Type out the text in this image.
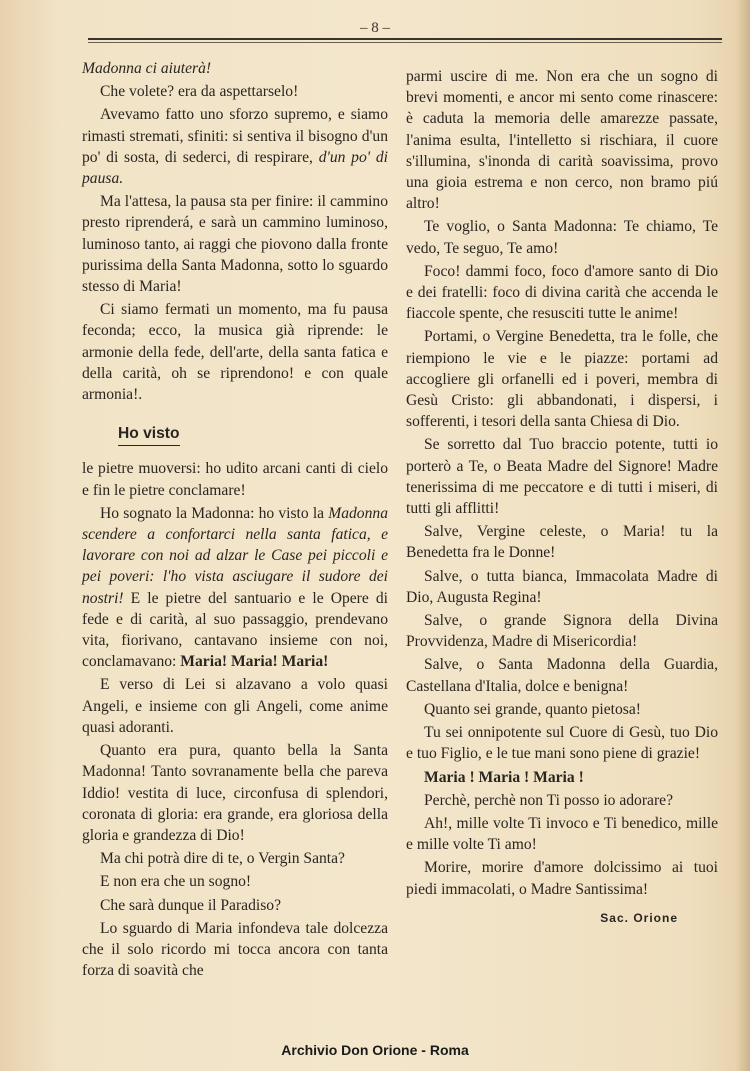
– 8 –

Madonna ci aiuterà!

Che volete? era da aspettarselo!

Avevamo fatto uno sforzo supremo, e siamo rimasti stremati, sfiniti: si sentiva il bisogno d'un po' di sosta, di sederci, di respirare, d'un po' di pausa.

Ma l'attesa, la pausa sta per finire: il cammino presto riprenderá, e sarà un cammino luminoso, luminoso tanto, ai raggi che piovono dalla fronte purissima della Santa Madonna, sotto lo sguardo stesso di Maria!

Ci siamo fermati un momento, ma fu pausa feconda; ecco, la musica già riprende: le armonie della fede, dell'arte, della santa fatica e della carità, oh se riprendono! e con quale armonia!.

Ho visto

le pietre muoversi: ho udito arcani canti di cielo e fin le pietre conclamare!

Ho sognato la Madonna: ho visto la Madonna scendere a confortarci nella santa fatica, e lavorare con noi ad alzar le Case pei piccoli e pei poveri: l'ho vista asciugare il sudore dei nostri! E le pietre del santuario e le Opere di fede e di carità, al suo passaggio, prendevano vita, fiorivano, cantavano insieme con noi, conclamavano: Maria! Maria! Maria!

E verso di Lei si alzavano a volo quasi Angeli, e insieme con gli Angeli, come anime quasi adoranti.

Quanto era pura, quanto bella la Santa Madonna! Tanto sovranamente bella che pareva Iddio! vestita di luce, circonfusa di splendori, coronata di gloria: era grande, era gloriosa della gloria e grandezza di Dio!

Ma chi potrà dire di te, o Vergin Santa?

E non era che un sogno!

Che sarà dunque il Paradiso?

Lo sguardo di Maria infondeva tale dolcezza che il solo ricordo mi tocca ancora con tanta forza di soavità che

parmi uscire di me. Non era che un sogno di brevi momenti, e ancor mi sento come rinascere: è caduta la memoria delle amarezze passate, l'anima esulta, l'intelletto si rischiara, il cuore s'illumina, s'inonda di carità soavissima, provo una gioia estrema e non cerco, non bramo piú altro!

Te voglio, o Santa Madonna: Te chiamo, Te vedo, Te seguo, Te amo!

Foco! dammi foco, foco d'amore santo di Dio e dei fratelli: foco di divina carità che accenda le fiaccole spente, che resusciti tutte le anime!

Portami, o Vergine Benedetta, tra le folle, che riempiono le vie e le piazze: portami ad accogliere gli orfanelli ed i poveri, membra di Gesù Cristo: gli abbandonati, i dispersi, i sofferenti, i tesori della santa Chiesa di Dio.

Se sorretto dal Tuo braccio potente, tutti io porterò a Te, o Beata Madre del Signore! Madre tenerissima di me peccatore e di tutti i miseri, di tutti gli afflitti!

Salve, Vergine celeste, o Maria! tu la Benedetta fra le Donne!

Salve, o tutta bianca, Immacolata Madre di Dio, Augusta Regina!

Salve, o grande Signora della Divina Provvidenza, Madre di Misericordia!

Salve, o Santa Madonna della Guardia, Castellana d'Italia, dolce e benigna!

Quanto sei grande, quanto pietosa!

Tu sei onnipotente sul Cuore di Gesù, tuo Dio e tuo Figlio, e le tue mani sono piene di grazie!

Maria ! Maria ! Maria !

Perchè, perchè non Ti posso io adorare?

Ah!, mille volte Ti invoco e Ti benedico, mille e mille volte Ti amo!

Morire, morire d'amore dolcissimo ai tuoi piedi immacolati, o Madre Santissima!

Sac. Orione
Archivio Don Orione - Roma
